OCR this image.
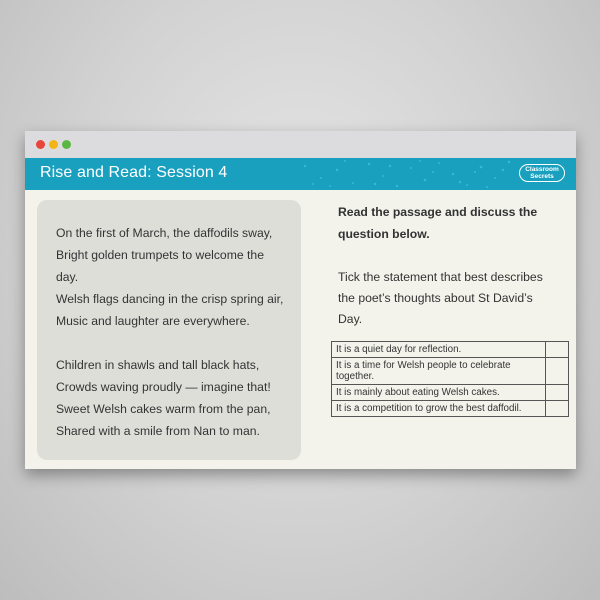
Rise and Read: Session 4	Classroom
Secrets
On the first of March, the daffodils sway,
Bright golden trumpets to welcome the
day.
Welsh flags dancing in the crisp spring air,
Music and laughter are everywhere.
Children in shawls and tall black hats,
Crowds waving proudly — imagine that!
Sweet Welsh cakes warm from the pan,
Shared with a smile from Nan to man.

Read the passage and discuss the question below.

Tick the statement that best describes the poet’s thoughts about St David’s Day.

It is a quiet day for reflection.	
It is a time for Welsh people to celebrate together.	
It is mainly about eating Welsh cakes.	
It is a competition to grow the best daffodil.	
